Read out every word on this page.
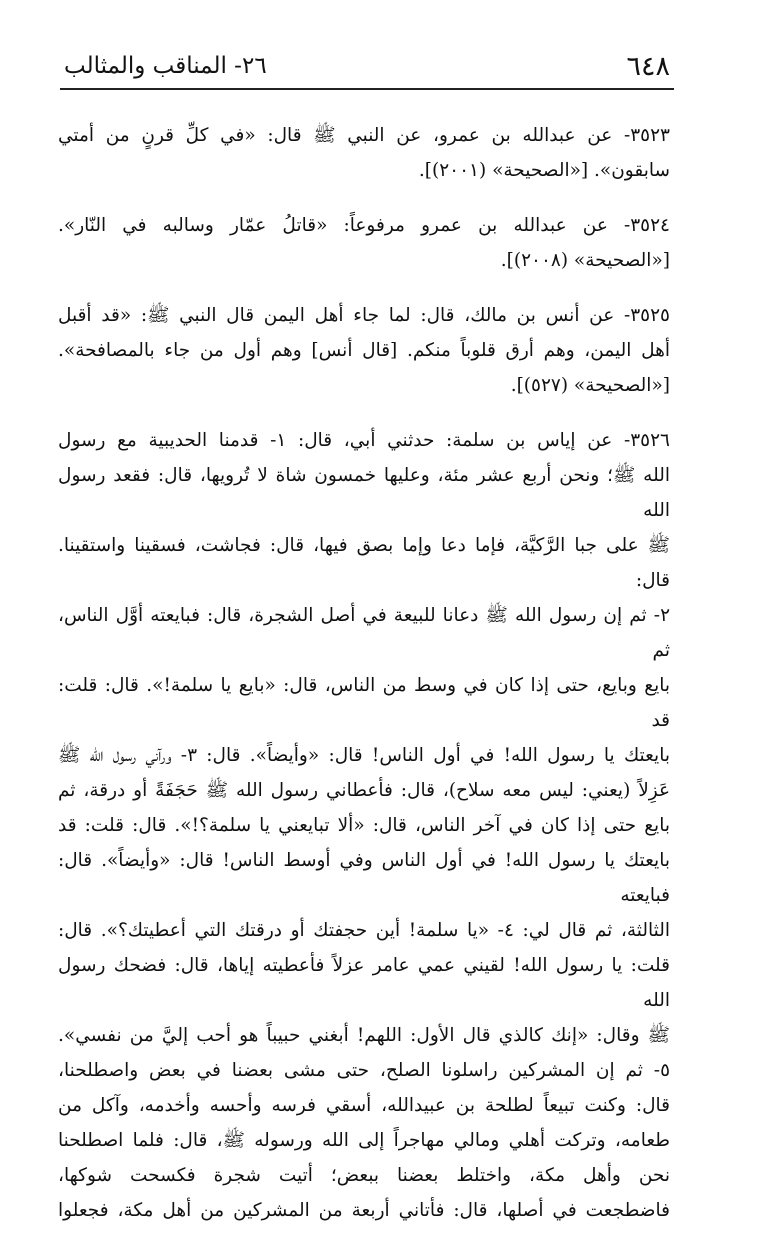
٦٤٨
٢٦- المناقب والمثالب
٣٥٢٣- عن عبدالله بن عمرو، عن النبي ﷺ قال: «في كلِّ قرنٍ من أمتي
سابقون». [«الصحيحة» (٢٠٠١)].
٣٥٢٤- عن عبدالله بن عمرو مرفوعاً: «قاتلُ عمّار وسالبه في النّار».
[«الصحيحة» (٢٠٠٨)].
٣٥٢٥- عن أنس بن مالك، قال: لما جاء أهل اليمن قال النبي ﷺ: «قد أقبل
أهل اليمن، وهم أرق قلوباً منكم. [قال أنس] وهم أول من جاء بالمصافحة».
[«الصحيحة» (٥٢٧)].
٣٥٢٦- عن إياس بن سلمة: حدثني أبي، قال: ١- قدمنا الحديبية مع رسول
الله ﷺ؛ ونحن أربع عشر مئة، وعليها خمسون شاة لا تُرويها، قال: فقعد رسول الله
ﷺ على جبا الرَّكيَّة، فإما دعا وإما بصق فيها، قال: فجاشت، فسقينا واستقينا. قال:
٢- ثم إن رسول الله ﷺ دعانا للبيعة في أصل الشجرة، قال: فبايعته أوَّل الناس، ثم
بايع وبايع، حتى إذا كان في وسط من الناس، قال: «بايع يا سلمة!». قال: قلت: قد
بايعتك يا رسول الله! في أول الناس! قال: «وأيضاً». قال: ٣- ورآني رسول الله ﷺ
عَزِلاً (يعني: ليس معه سلاح)، قال: فأعطاني رسول الله ﷺ حَجَفَةً أو درقة، ثم
بايع حتى إذا كان في آخر الناس، قال: «ألا تبايعني يا سلمة؟!». قال: قلت: قد
بايعتك يا رسول الله! في أول الناس وفي أوسط الناس! قال: «وأيضاً». قال: فبايعته
الثالثة، ثم قال لي: ٤- «يا سلمة! أين حجفتك أو درقتك التي أعطيتك؟». قال:
قلت: يا رسول الله! لقيني عمي عامر عزلاً فأعطيته إياها، قال: فضحك رسول الله
ﷺ وقال: «إنك كالذي قال الأول: اللهم! أبغني حبيباً هو أحب إليَّ من نفسي».
٥- ثم إن المشركين راسلونا الصلح، حتى مشى بعضنا في بعض واصطلحنا،
قال: وكنت تبيعاً لطلحة بن عبيدالله، أسقي فرسه وأحسه وأخدمه، وآكل من
طعامه، وتركت أهلي ومالي مهاجراً إلى الله ورسوله ﷺ، قال: فلما اصطلحنا
نحن وأهل مكة، واختلط بعضنا ببعض؛ أتيت شجرة فكسحت شوكها،
فاضطجعت في أصلها، قال: فأتاني أربعة من المشركين من أهل مكة، فجعلوا
